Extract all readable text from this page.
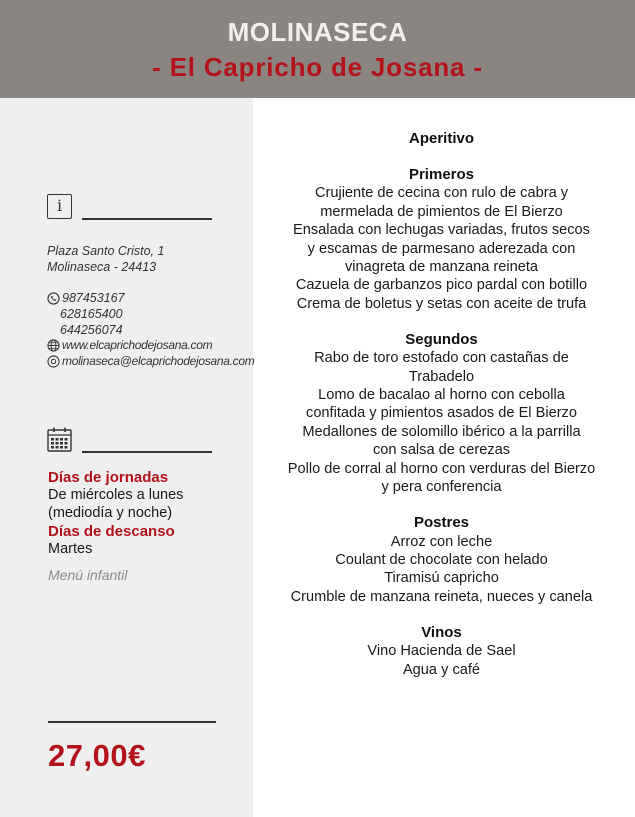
MOLINASECA
- El Capricho de Josana -
i
Plaza Santo Cristo, 1
Molinaseca - 24413
987453167
628165400
644256074
www.elcaprichodejosana.com
molinaseca@elcaprichodejosana.com
Días de jornadas
De miércoles a lunes
(mediodía y noche)
Días de descanso
Martes
Menú infantil
27,00€
Aperitivo
Primeros
Crujiente de cecina con rulo de cabra y
mermelada de pimientos de El Bierzo
Ensalada con lechugas variadas, frutos secos
y escamas de parmesano aderezada con
vinagreta de manzana reineta
Cazuela de garbanzos pico pardal con botillo
Crema de boletus y setas con aceite de trufa
Segundos
Rabo de toro estofado con castañas de
Trabadelo
Lomo de bacalao al horno con cebolla
confitada y pimientos asados de El Bierzo
Medallones de solomillo ibérico a la parrilla
con salsa de cerezas
Pollo de corral al horno con verduras del Bierzo
y pera conferencia
Postres
Arroz con leche
Coulant de chocolate con helado
Tiramisú capricho
Crumble de manzana reineta, nueces y canela
Vinos
Vino Hacienda de Sael
Agua y café
